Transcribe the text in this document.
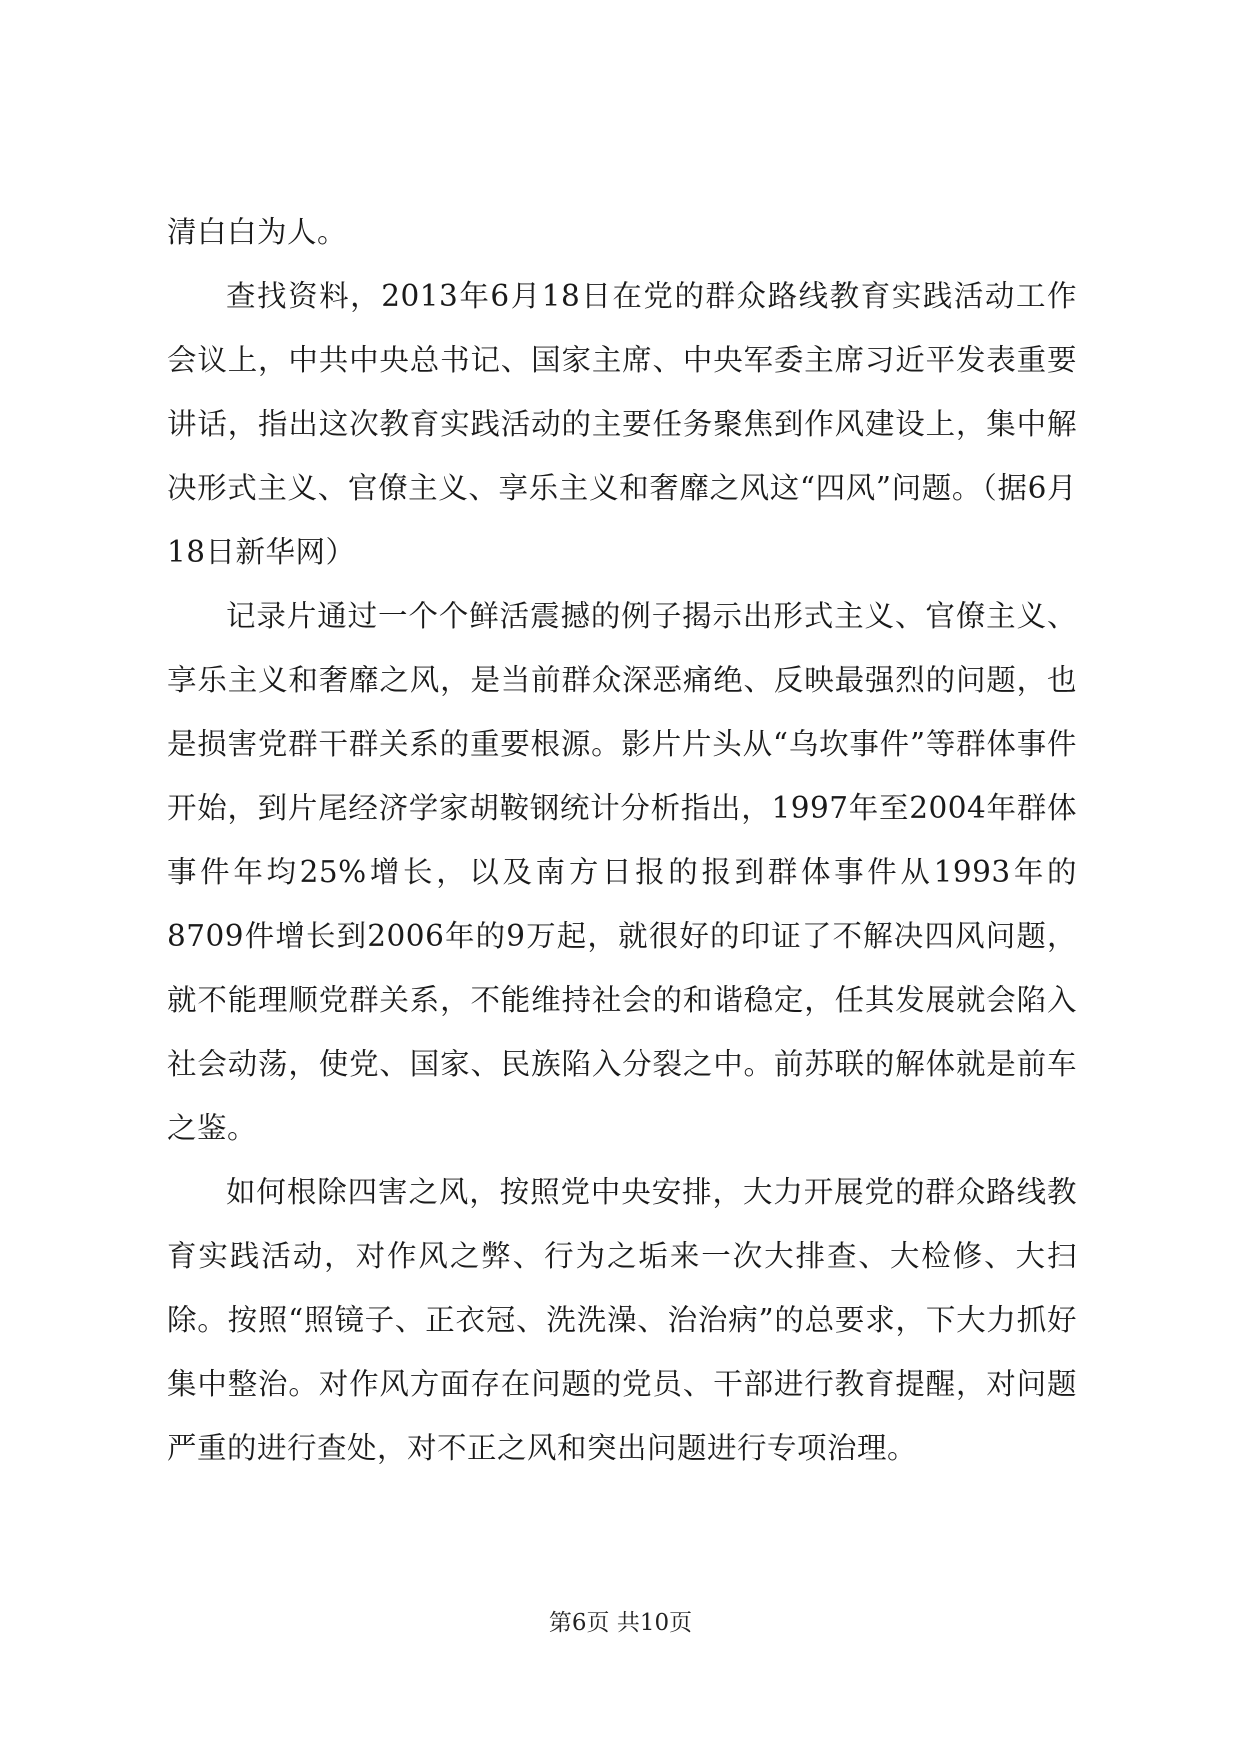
清白白为人。

查找资料，2013年6月18日在党的群众路线教育实践活动工作会议上，中共中央总书记、国家主席、中央军委主席习近平发表重要讲话，指出这次教育实践活动的主要任务聚焦到作风建设上，集中解决形式主义、官僚主义、享乐主义和奢靡之风这“四风”问题。（据6月18日新华网）

记录片通过一个个鲜活震撼的例子揭示出形式主义、官僚主义、享乐主义和奢靡之风，是当前群众深恶痛绝、反映最强烈的问题，也是损害党群干群关系的重要根源。影片片头从“乌坎事件”等群体事件开始，到片尾经济学家胡鞍钢统计分析指出，1997年至2004年群体事件年均25%增长，以及南方日报的报到群体事件从1993年的8709件增长到2006年的9万起，就很好的印证了不解决四风问题，就不能理顺党群关系，不能维持社会的和谐稳定，任其发展就会陷入社会动荡，使党、国家、民族陷入分裂之中。前苏联的解体就是前车之鉴。

如何根除四害之风，按照党中央安排，大力开展党的群众路线教育实践活动，对作风之弊、行为之垢来一次大排查、大检修、大扫除。按照“照镜子、正衣冠、洗洗澡、治治病”的总要求，下大力抓好集中整治。对作风方面存在问题的党员、干部进行教育提醒，对问题严重的进行查处，对不正之风和突出问题进行专项治理。

第6页 共10页
